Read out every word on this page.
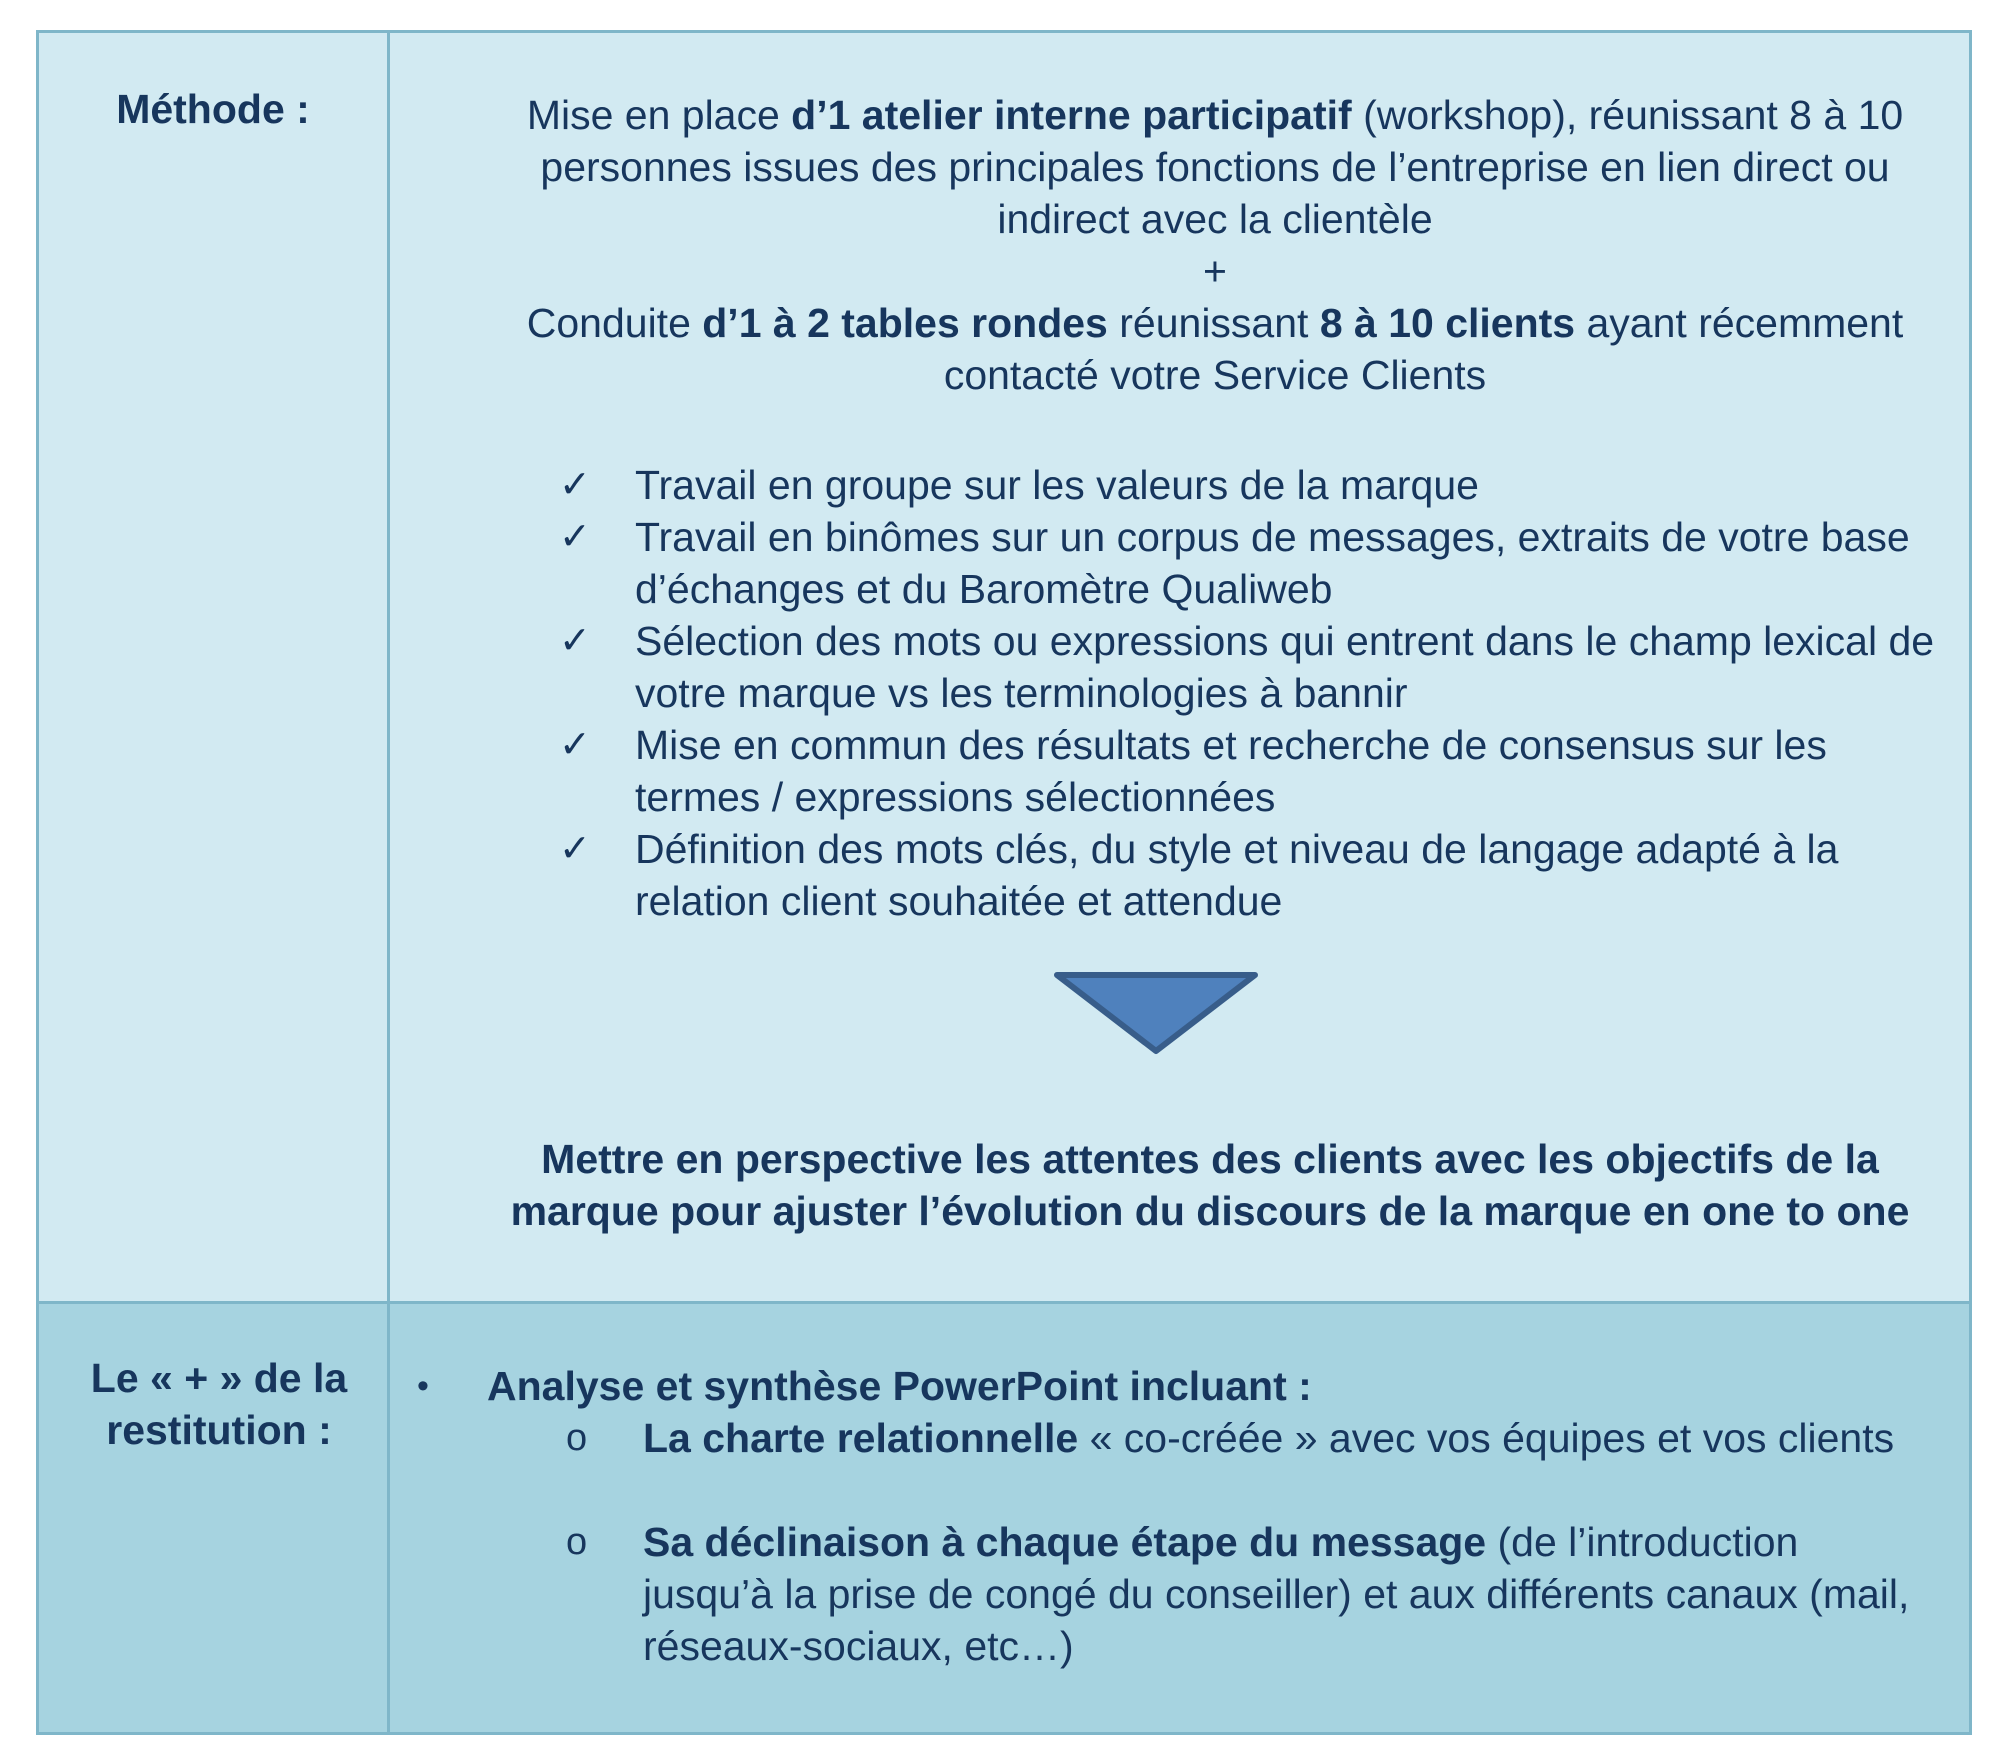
Méthode :	Mise en place d’1 atelier interne participatif (workshop), réunissant 8 à 10 personnes issues des principales fonctions de l’entreprise en lien direct ou indirect avec la clientèle

+

Conduite d’1 à 2 tables rondes réunissant 8 à 10 clients ayant récemment contacté votre Service Clients

✓ Travail en groupe sur les valeurs de la marque
✓ Travail en binômes sur un corpus de messages, extraits de votre base d’échanges et du Baromètre Qualiweb
✓ Sélection des mots ou expressions qui entrent dans le champ lexical de votre marque vs les terminologies à bannir
✓ Mise en commun des résultats et recherche de consensus sur les termes / expressions sélectionnées
✓ Définition des mots clés, du style et niveau de langage adapté à la relation client souhaitée et attendue
Mettre en perspective les attentes des clients avec les objectifs de la marque pour ajuster l’évolution du discours de la marque en one to one
Le « + » de la restitution :
• Analyse et synthèse PowerPoint incluant :
o	La charte relationnelle « co-créée » avec vos équipes et vos clients
o	Sa déclinaison à chaque étape du message (de l’introduction jusqu’à la prise de congé du conseiller) et aux différents canaux (mail, réseaux-sociaux, etc…)
